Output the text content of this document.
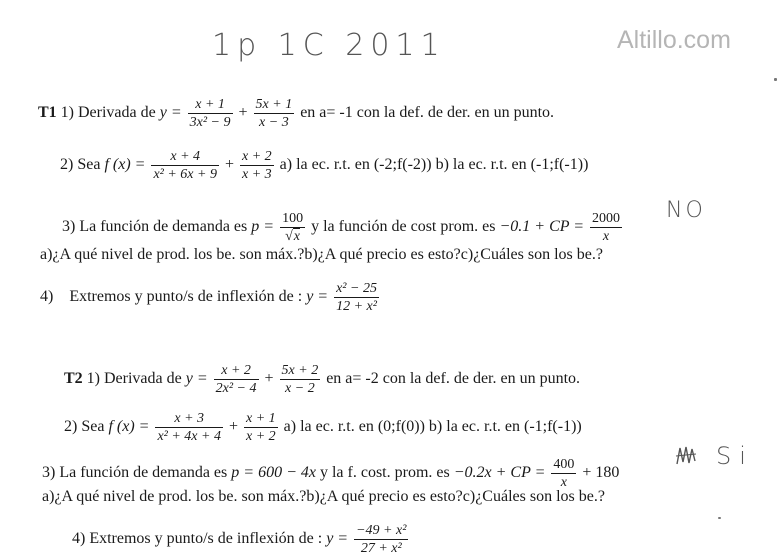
1p 1C 2011	Altillo.com
T1 1) Derivada de $y = \frac{x + 1}{\text{3x² − 9}} + \frac{5x + 1}{x - 3}$ en a= -1 con la def. de der. en un punto.
2) Sea f $(x) = \frac{x + 4}{\text{x² + 6x + 9}} + \frac{x + 2}{x + 3} a$) la ec. r.t. en (-2;f(-2)) b) la ec. r.t. en (-1;f(-1))
3) La función de demanda es $p = \frac{100}{√x}$ y la función de cost prom. es −0.1 + CP = $\frac{2000}{x}$ NO
a)¿A qué nivel de prod. los be. son máx.?b)¿A qué precio es esto?c)¿Cuáles son los be.?
4) Extremos y punto/s de inflexión de : $y = \frac{\text{x² − 25}}{\text{12 + x²}}$
T2 1) Derivada de $y = \frac{x + 2}{\text{2x² − 4}} + \frac{5x + 2}{x - 2}$ en a= -2 con la def. de der. en un punto.
2) Sea f $(x) = \frac{x + 3}{\text{x² + 4x + 4}} + \frac{x + 1}{x + 2} a$) la ec. r.t. en (0;f(0)) b) la ec. r.t. en (-1;f(-1))
3) La función de demanda es p = 600 − 4x y la f. cost. prom. es −0.2x + CP = $\frac{400}{x} + 180$
Si
a)¿A qué nivel de prod. los be. son máx.?b)¿A qué precio es esto?c)¿Cuáles son los be.?
4) Extremos y punto/s de inflexión de : $y = \frac{\text{−49 + x²}}{\text{27 + x²}}$
